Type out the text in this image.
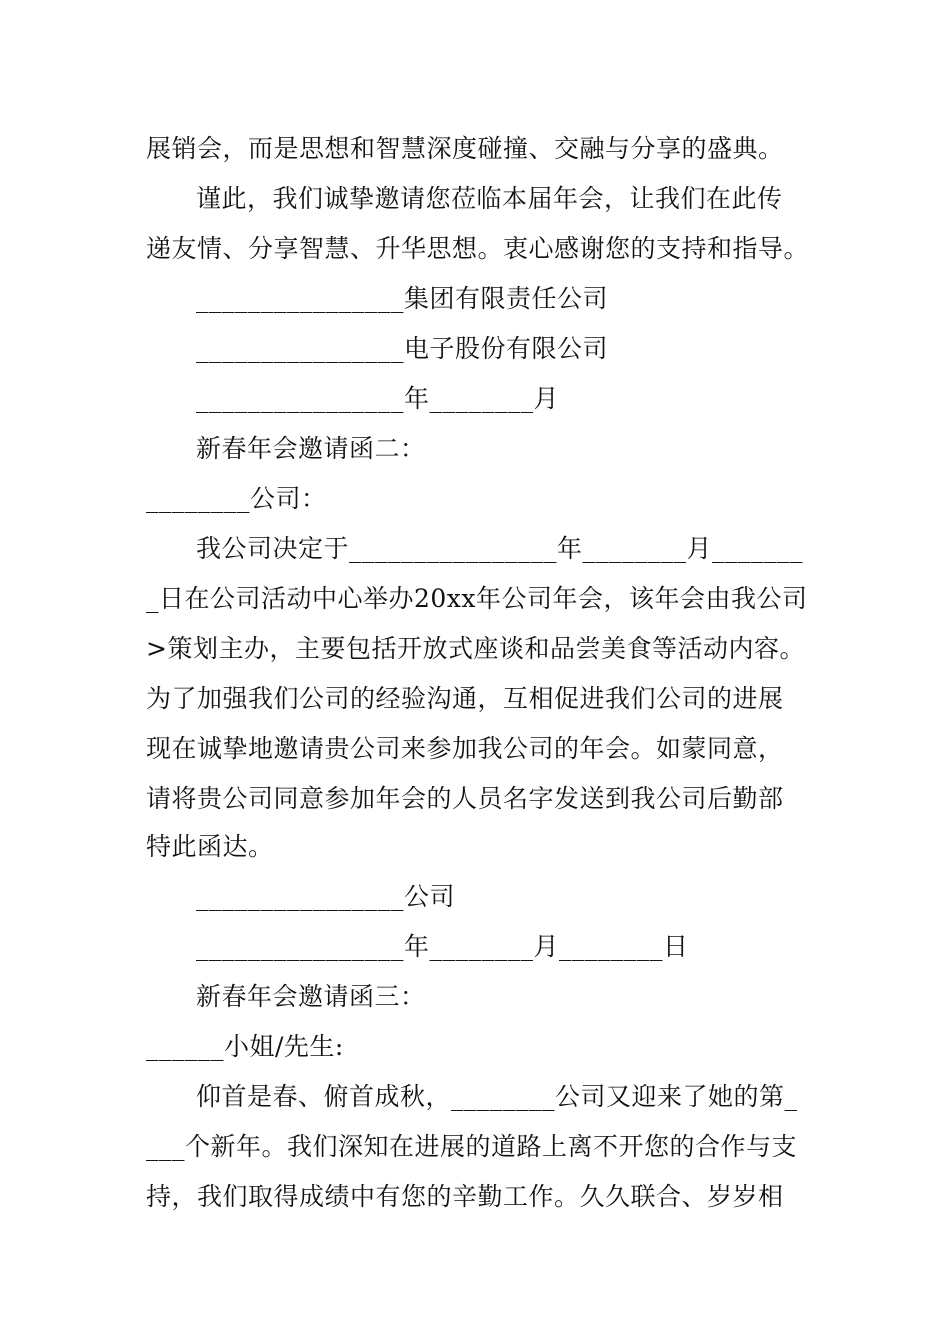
展销会，而是思想和智慧深度碰撞、交融与分享的盛典。
谨此，我们诚挚邀请您莅临本届年会，让我们在此传
递友情、分享智慧、升华思想。衷心感谢您的支持和指导。
________________集团有限责任公司
________________电子股份有限公司
________________年________月
新春年会邀请函二：
________公司：
我公司决定于________________年________月_______
_日在公司活动中心举办20xx年公司年会，该年会由我公司
>策划主办，主要包括开放式座谈和品尝美食等活动内容。
为了加强我们公司的经验沟通，互相促进我们公司的进展
现在诚挚地邀请贵公司来参加我公司的年会。如蒙同意，
请将贵公司同意参加年会的人员名字发送到我公司后勤部
特此函达。
________________公司
________________年________月________日
新春年会邀请函三：
______小姐/先生:
仰首是春、俯首成秋，________公司又迎来了她的第_
___个新年。我们深知在进展的道路上离不开您的合作与支
持，我们取得成绩中有您的辛勤工作。久久联合、岁岁相
